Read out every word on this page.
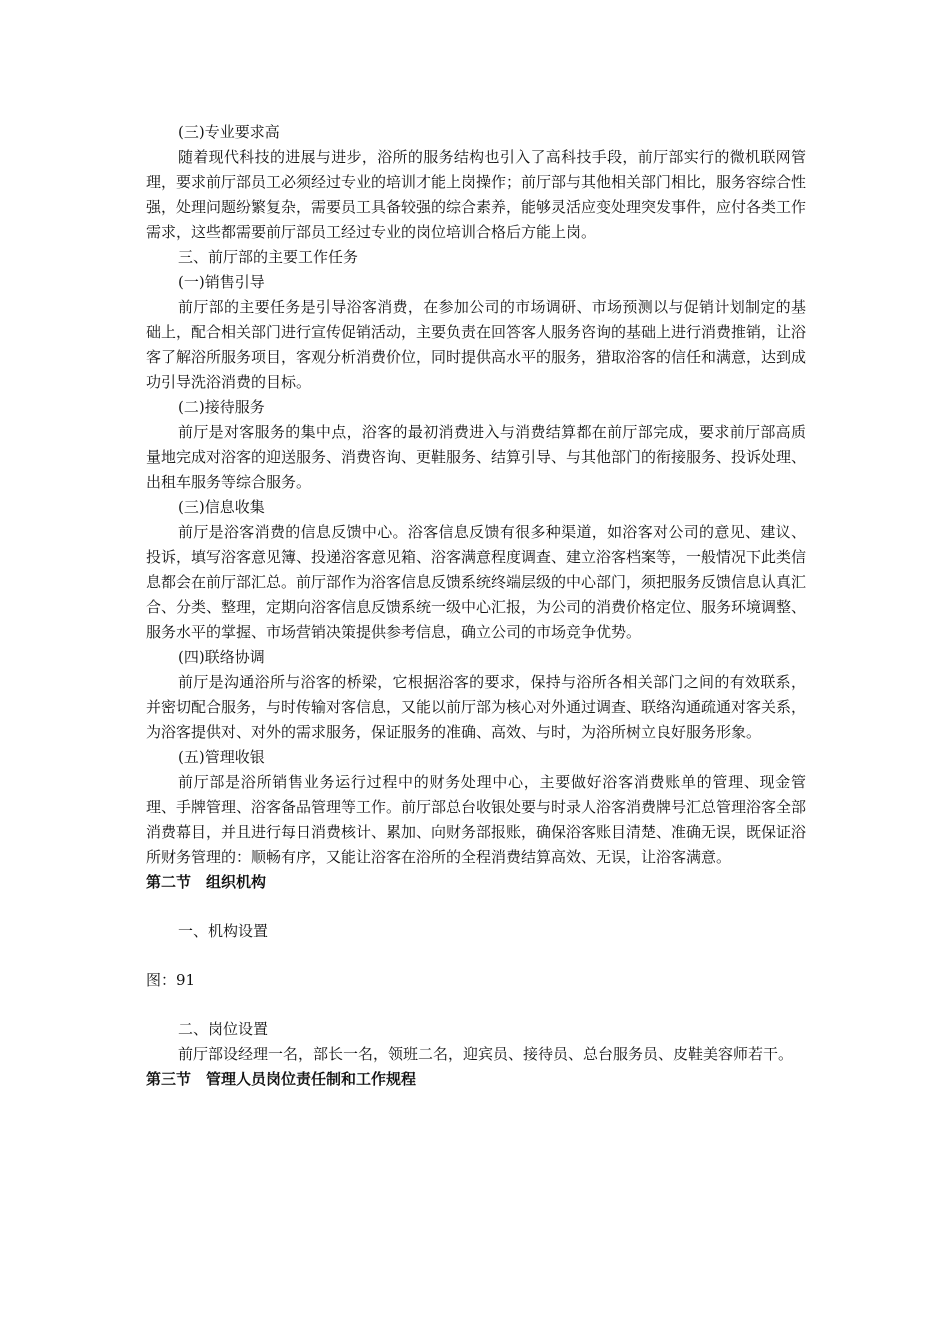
(三)专业要求高

随着现代科技的进展与进步，浴所的服务结构也引入了高科技手段，前厅部实行的微机联网管理，要求前厅部员工必须经过专业的培训才能上岗操作；前厅部与其他相关部门相比，服务容综合性强，处理问题纷繁复杂，需要员工具备较强的综合素养，能够灵活应变处理突发事件，应付各类工作需求，这些都需要前厅部员工经过专业的岗位培训合格后方能上岗。

三、前厅部的主要工作任务

(一)销售引导

前厅部的主要任务是引导浴客消费，在参加公司的市场调研、市场预测以与促销计划制定的基础上，配合相关部门进行宣传促销活动，主要负责在回答客人服务咨询的基础上进行消费推销，让浴客了解浴所服务项目，客观分析消费价位，同时提供高水平的服务，猎取浴客的信任和满意，达到成功引导洗浴消费的目标。

(二)接待服务

前厅是对客服务的集中点，浴客的最初消费进入与消费结算都在前厅部完成，要求前厅部高质量地完成对浴客的迎送服务、消费咨询、更鞋服务、结算引导、与其他部门的衔接服务、投诉处理、出租车服务等综合服务。

(三)信息收集

前厅是浴客消费的信息反馈中心。浴客信息反馈有很多种渠道，如浴客对公司的意见、建议、投诉，填写浴客意见簿、投递浴客意见箱、浴客满意程度调查、建立浴客档案等，一般情况下此类信息都会在前厅部汇总。前厅部作为浴客信息反馈系统终端层级的中心部门，须把服务反馈信息认真汇合、分类、整理，定期向浴客信息反馈系统一级中心汇报，为公司的消费价格定位、服务环境调整、服务水平的掌握、市场营销决策提供参考信息，确立公司的市场竞争优势。

(四)联络协调

前厅是沟通浴所与浴客的桥梁，它根据浴客的要求，保持与浴所各相关部门之间的有效联系，并密切配合服务，与时传输对客信息，又能以前厅部为核心对外通过调查、联络沟通疏通对客关系，为浴客提供对、对外的需求服务，保证服务的准确、高效、与时，为浴所树立良好服务形象。

(五)管理收银

前厅部是浴所销售业务运行过程中的财务处理中心，主要做好浴客消费账单的管理、现金管理、手牌管理、浴客备品管理等工作。前厅部总台收银处要与时录人浴客消费牌号汇总管理浴客全部消费幕目，并且进行每日消费核计、累加、向财务部报账，确保浴客账目清楚、准确无误，既保证浴所财务管理的：顺畅有序，又能让浴客在浴所的全程消费结算高效、无误，让浴客满意。

第二节　组织机构

一、机构设置

图：91

二、岗位设置

前厅部设经理一名，部长一名，领班二名，迎宾员、接待员、总台服务员、皮鞋美容师若干。

第三节　管理人员岗位责任制和工作规程
